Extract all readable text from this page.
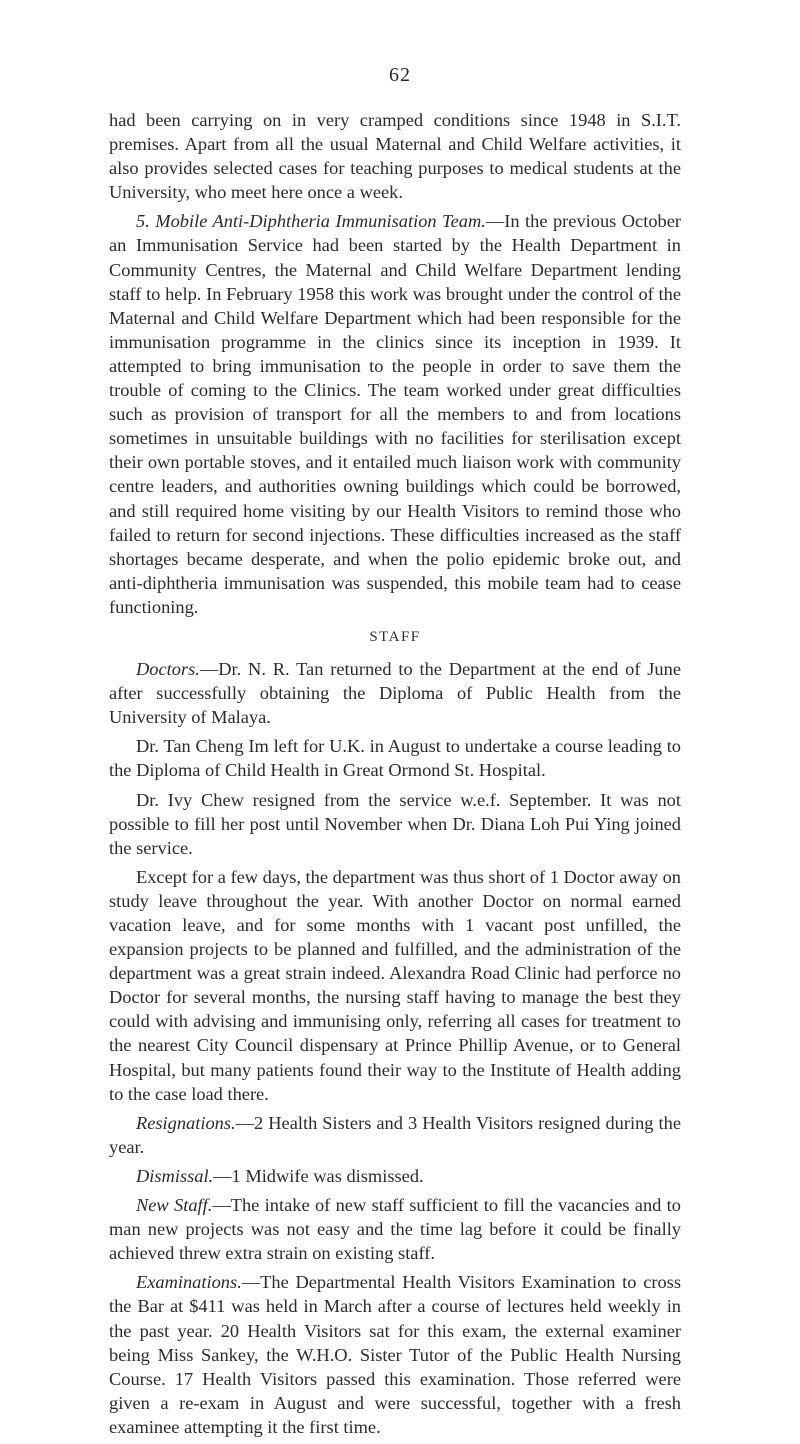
62

had been carrying on in very cramped conditions since 1948 in S.I.T. premises. Apart from all the usual Maternal and Child Welfare activities, it also provides selected cases for teaching purposes to medical students at the University, who meet here once a week.

5. Mobile Anti-Diphtheria Immunisation Team.—In the previous October an Immunisation Service had been started by the Health Department in Community Centres, the Maternal and Child Welfare Department lending staff to help. In February 1958 this work was brought under the control of the Maternal and Child Welfare Department which had been responsible for the immunisation programme in the clinics since its inception in 1939. It attempted to bring immunisation to the people in order to save them the trouble of coming to the Clinics. The team worked under great difficulties such as provision of transport for all the members to and from locations sometimes in unsuitable buildings with no facilities for sterilisation except their own portable stoves, and it entailed much liaison work with community centre leaders, and authorities owning buildings which could be borrowed, and still required home visiting by our Health Visitors to remind those who failed to return for second injections. These difficulties increased as the staff shortages became desperate, and when the polio epidemic broke out, and anti-diphtheria immunisation was suspended, this mobile team had to cease functioning.

STAFF

Doctors.—Dr. N. R. Tan returned to the Department at the end of June after successfully obtaining the Diploma of Public Health from the University of Malaya.

Dr. Tan Cheng Im left for U.K. in August to undertake a course leading to the Diploma of Child Health in Great Ormond St. Hospital.

Dr. Ivy Chew resigned from the service w.e.f. September. It was not possible to fill her post until November when Dr. Diana Loh Pui Ying joined the service.

Except for a few days, the department was thus short of 1 Doctor away on study leave throughout the year. With another Doctor on normal earned vacation leave, and for some months with 1 vacant post unfilled, the expansion projects to be planned and fulfilled, and the administration of the department was a great strain indeed. Alexandra Road Clinic had perforce no Doctor for several months, the nursing staff having to manage the best they could with advising and immunising only, referring all cases for treatment to the nearest City Council dispensary at Prince Phillip Avenue, or to General Hospital, but many patients found their way to the Institute of Health adding to the case load there.

Resignations.—2 Health Sisters and 3 Health Visitors resigned during the year.

Dismissal.—1 Midwife was dismissed.

New Staff.—The intake of new staff sufficient to fill the vacancies and to man new projects was not easy and the time lag before it could be finally achieved threw extra strain on existing staff.

Examinations.—The Departmental Health Visitors Examination to cross the Bar at $411 was held in March after a course of lectures held weekly in the past year. 20 Health Visitors sat for this exam, the external examiner being Miss Sankey, the W.H.O. Sister Tutor of the Public Health Nursing Course. 17 Health Visitors passed this examination. Those referred were given a re-exam in August and were successful, together with a fresh examinee attempting it the first time.
